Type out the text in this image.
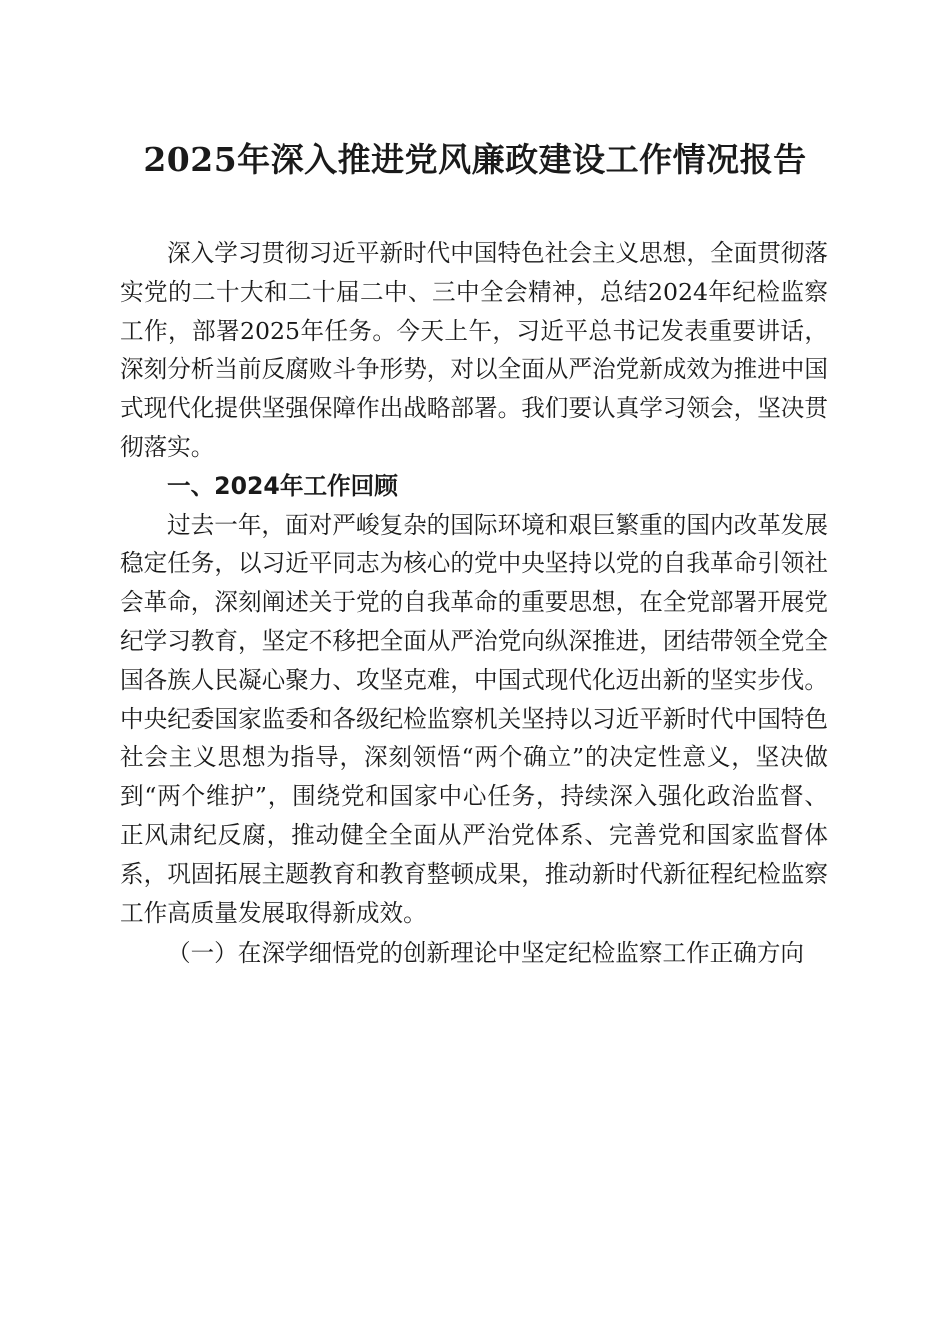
2025年深入推进党风廉政建设工作情况报告

深入学习贯彻习近平新时代中国特色社会主义思想，全面贯彻落实党的二十大和二十届二中、三中全会精神，总结2024年纪检监察工作，部署2025年任务。今天上午，习近平总书记发表重要讲话，深刻分析当前反腐败斗争形势，对以全面从严治党新成效为推进中国式现代化提供坚强保障作出战略部署。我们要认真学习领会，坚决贯彻落实。

一、2024年工作回顾

过去一年，面对严峻复杂的国际环境和艰巨繁重的国内改革发展稳定任务，以习近平同志为核心的党中央坚持以党的自我革命引领社会革命，深刻阐述关于党的自我革命的重要思想，在全党部署开展党纪学习教育，坚定不移把全面从严治党向纵深推进，团结带领全党全国各族人民凝心聚力、攻坚克难，中国式现代化迈出新的坚实步伐。中央纪委国家监委和各级纪检监察机关坚持以习近平新时代中国特色社会主义思想为指导，深刻领悟“两个确立”的决定性意义，坚决做到“两个维护”，围绕党和国家中心任务，持续深入强化政治监督、正风肃纪反腐，推动健全全面从严治党体系、完善党和国家监督体系，巩固拓展主题教育和教育整顿成果，推动新时代新征程纪检监察工作高质量发展取得新成效。

（一）在深学细悟党的创新理论中坚定纪检监察工作正确方向
